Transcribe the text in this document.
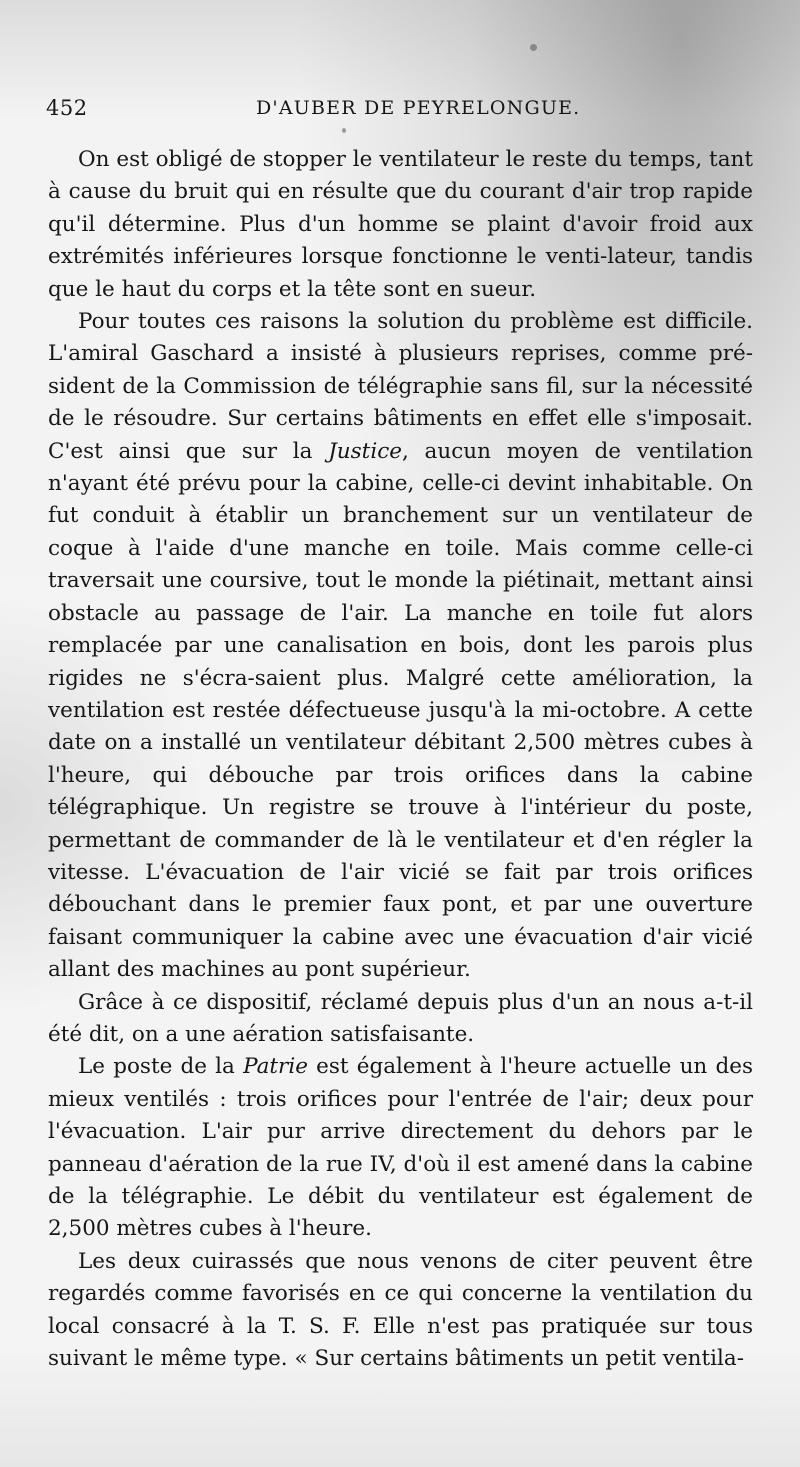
452	D'AUBER DE PEYRELONGUE.

On est obligé de stopper le ventilateur le reste du temps, tant à cause du bruit qui en résulte que du courant d'air trop rapide qu'il détermine. Plus d'un homme se plaint d'avoir froid aux extrémités inférieures lorsque fonctionne le venti-lateur, tandis que le haut du corps et la tête sont en sueur.

Pour toutes ces raisons la solution du problème est difficile. L'amiral Gaschard a insisté à plusieurs reprises, comme pré-sident de la Commission de télégraphie sans fil, sur la nécessité de le résoudre. Sur certains bâtiments en effet elle s'imposait. C'est ainsi que sur la Justice, aucun moyen de ventilation n'ayant été prévu pour la cabine, celle-ci devint inhabitable. On fut conduit à établir un branchement sur un ventilateur de coque à l'aide d'une manche en toile. Mais comme celle-ci traversait une coursive, tout le monde la piétinait, mettant ainsi obstacle au passage de l'air. La manche en toile fut alors remplacée par une canalisation en bois, dont les parois plus rigides ne s'écra-saient plus. Malgré cette amélioration, la ventilation est restée défectueuse jusqu'à la mi-octobre. A cette date on a installé un ventilateur débitant 2,500 mètres cubes à l'heure, qui débouche par trois orifices dans la cabine télégraphique. Un registre se trouve à l'intérieur du poste, permettant de commander de là le ventilateur et d'en régler la vitesse. L'évacuation de l'air vicié se fait par trois orifices débouchant dans le premier faux pont, et par une ouverture faisant communiquer la cabine avec une évacuation d'air vicié allant des machines au pont supérieur.

Grâce à ce dispositif, réclamé depuis plus d'un an nous a-t-il été dit, on a une aération satisfaisante.

Le poste de la Patrie est également à l'heure actuelle un des mieux ventilés : trois orifices pour l'entrée de l'air; deux pour l'évacuation. L'air pur arrive directement du dehors par le panneau d'aération de la rue IV, d'où il est amené dans la cabine de la télégraphie. Le débit du ventilateur est également de 2,500 mètres cubes à l'heure.

Les deux cuirassés que nous venons de citer peuvent être regardés comme favorisés en ce qui concerne la ventilation du local consacré à la T. S. F. Elle n'est pas pratiquée sur tous suivant le même type. « Sur certains bâtiments un petit ventila-
